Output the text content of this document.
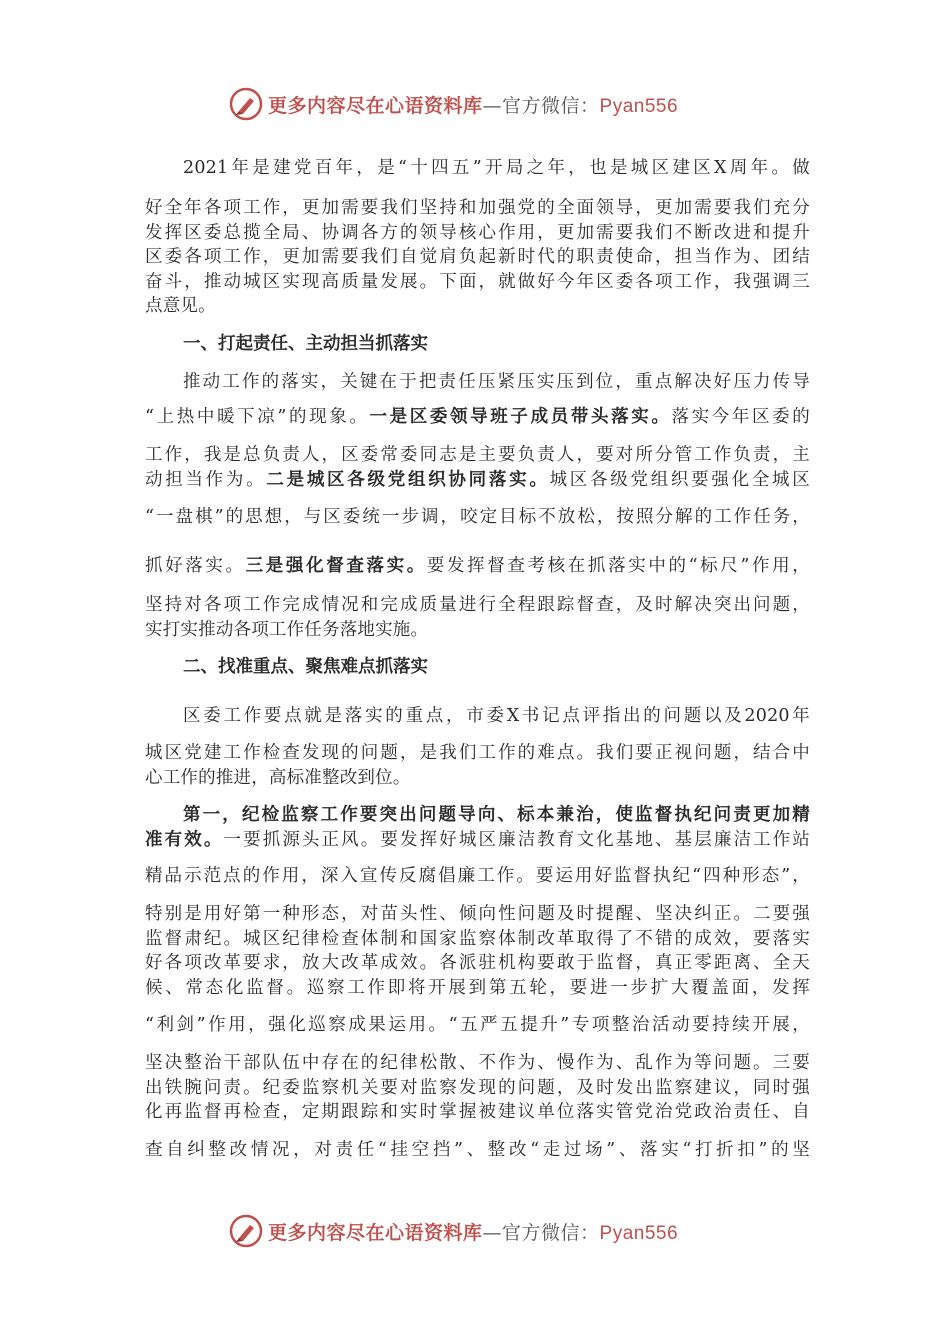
更多内容尽在心语资料库—官方微信：Pyan556
2021年是建党百年，是“十四五”开局之年，也是城区建区X周年。做
好全年各项工作，更加需要我们坚持和加强党的全面领导，更加需要我们充分
发挥区委总揽全局、协调各方的领导核心作用，更加需要我们不断改进和提升
区委各项工作，更加需要我们自觉肩负起新时代的职责使命，担当作为、团结
奋斗，推动城区实现高质量发展。下面，就做好今年区委各项工作，我强调三
点意见。
一、打起责任、主动担当抓落实
推动工作的落实，关键在于把责任压紧压实压到位，重点解决好压力传导
“上热中暖下凉”的现象。一是区委领导班子成员带头落实。落实今年区委的
工作，我是总负责人，区委常委同志是主要负责人，要对所分管工作负责，主
动担当作为。二是城区各级党组织协同落实。城区各级党组织要强化全城区
“一盘棋”的思想，与区委统一步调，咬定目标不放松，按照分解的工作任务，
抓好落实。三是强化督查落实。要发挥督查考核在抓落实中的“标尺”作用，
坚持对各项工作完成情况和完成质量进行全程跟踪督查，及时解决突出问题，
实打实推动各项工作任务落地实施。
二、找准重点、聚焦难点抓落实
区委工作要点就是落实的重点，市委X书记点评指出的问题以及2020年
城区党建工作检查发现的问题，是我们工作的难点。我们要正视问题，结合中
心工作的推进，高标准整改到位。
第一，纪检监察工作要突出问题导向、标本兼治，使监督执纪问责更加精
准有效。一要抓源头正风。要发挥好城区廉洁教育文化基地、基层廉洁工作站
精品示范点的作用，深入宣传反腐倡廉工作。要运用好监督执纪“四种形态”，
特别是用好第一种形态，对苗头性、倾向性问题及时提醒、坚决纠正。二要强
监督肃纪。城区纪律检查体制和国家监察体制改革取得了不错的成效，要落实
好各项改革要求，放大改革成效。各派驻机构要敢于监督，真正零距离、全天
候、常态化监督。巡察工作即将开展到第五轮，要进一步扩大覆盖面，发挥
“利剑”作用，强化巡察成果运用。“五严五提升”专项整治活动要持续开展，
坚决整治干部队伍中存在的纪律松散、不作为、慢作为、乱作为等问题。三要
出铁腕问责。纪委监察机关要对监察发现的问题，及时发出监察建议，同时强
化再监督再检查，定期跟踪和实时掌握被建议单位落实管党治党政治责任、自
查自纠整改情况，对责任“挂空挡”、整改“走过场”、落实“打折扣”的坚
更多内容尽在心语资料库—官方微信：Pyan556
